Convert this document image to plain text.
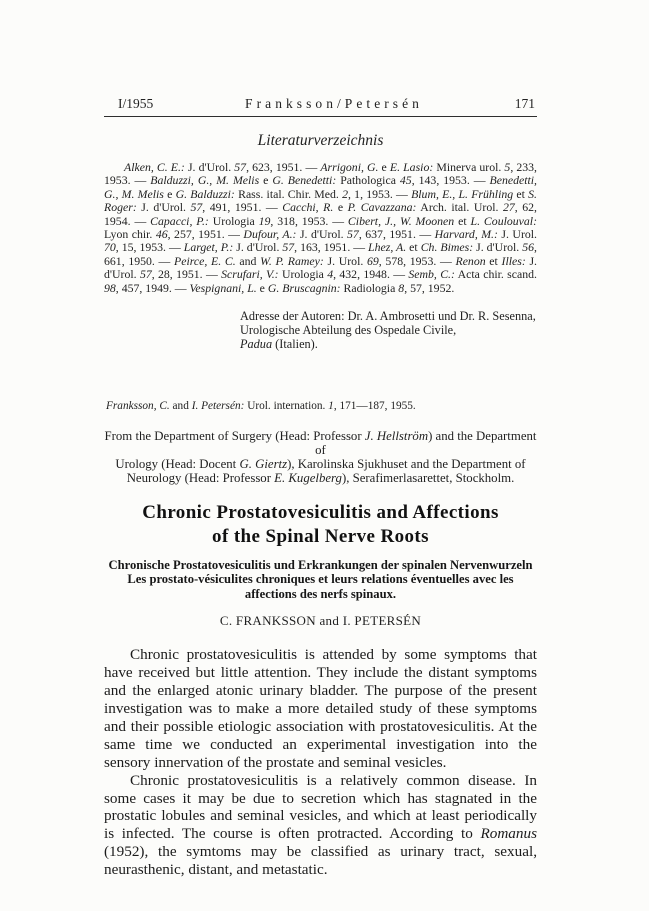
I/1955	Franksson/Petersén	171
Literaturverzeichnis

Alken, C. E.: J. d'Urol. 57, 623, 1951. — Arrigoni, G. e E. Lasio: Minerva urol. 5, 233, 1953. — Balduzzi, G., M. Melis e G. Benedetti: Pathologica 45, 143, 1953. — Benedetti, G., M. Melis e G. Balduzzi: Rass. ital. Chir. Med. 2, 1, 1953. — Blum, E., L. Frühling et S. Roger: J. d'Urol. 57, 491, 1951. — Cacchi, R. e P. Cavazzana: Arch. ital. Urol. 27, 62, 1954. — Capacci, P.: Urologia 19, 318, 1953. — Cibert, J., W. Moonen et L. Coulouval: Lyon chir. 46, 257, 1951. — Dufour, A.: J. d'Urol. 57, 637, 1951. — Harvard, M.: J. Urol. 70, 15, 1953. — Larget, P.: J. d'Urol. 57, 163, 1951. — Lhez, A. et Ch. Bimes: J. d'Urol. 56, 661, 1950. — Peirce, E. C. and W. P. Ramey: J. Urol. 69, 578, 1953. — Renon et Illes: J. d'Urol. 57, 28, 1951. — Scrufari, V.: Urologia 4, 432, 1948. — Semb, C.: Acta chir. scand. 98, 457, 1949. — Vespignani, L. e G. Bruscagnin: Radiologia 8, 57, 1952.

Adresse der Autoren: Dr. A. Ambrosetti und Dr. R. Sesenna,
Urologische Abteilung des Ospedale Civile,
Padua (Italien).

Franksson, C. and I. Petersén: Urol. internation. 1, 171—187, 1955.

From the Department of Surgery (Head: Professor J. Hellström) and the Department of
Urology (Head: Docent G. Giertz), Karolinska Sjukhuset and the Department of
Neurology (Head: Professor E. Kugelberg), Serafimerlasarettet, Stockholm.
Chronic Prostatovesiculitis and Affections
of the Spinal Nerve Roots
Chronische Prostatovesiculitis und Erkrankungen der spinalen Nervenwurzeln
Les prostato-vésiculites chroniques et leurs relations éventuelles avec les
affections des nerfs spinaux.

C. FRANKSSON and I. PETERSÉN

Chronic prostatovesiculitis is attended by some symptoms that have received but little attention. They include the distant symptoms and the enlarged atonic urinary bladder. The purpose of the present investigation was to make a more detailed study of these symptoms and their possible etiologic association with prostatovesiculitis. At the same time we conducted an experimental investigation into the sensory innervation of the prostate and seminal vesicles.

Chronic prostatovesiculitis is a relatively common disease. In some cases it may be due to secretion which has stagnated in the prostatic lobules and seminal vesicles, and which at least periodically is infected. The course is often protracted. According to Romanus (1952), the symtoms may be classified as urinary tract, sexual, neurasthenic, distant, and metastatic.
